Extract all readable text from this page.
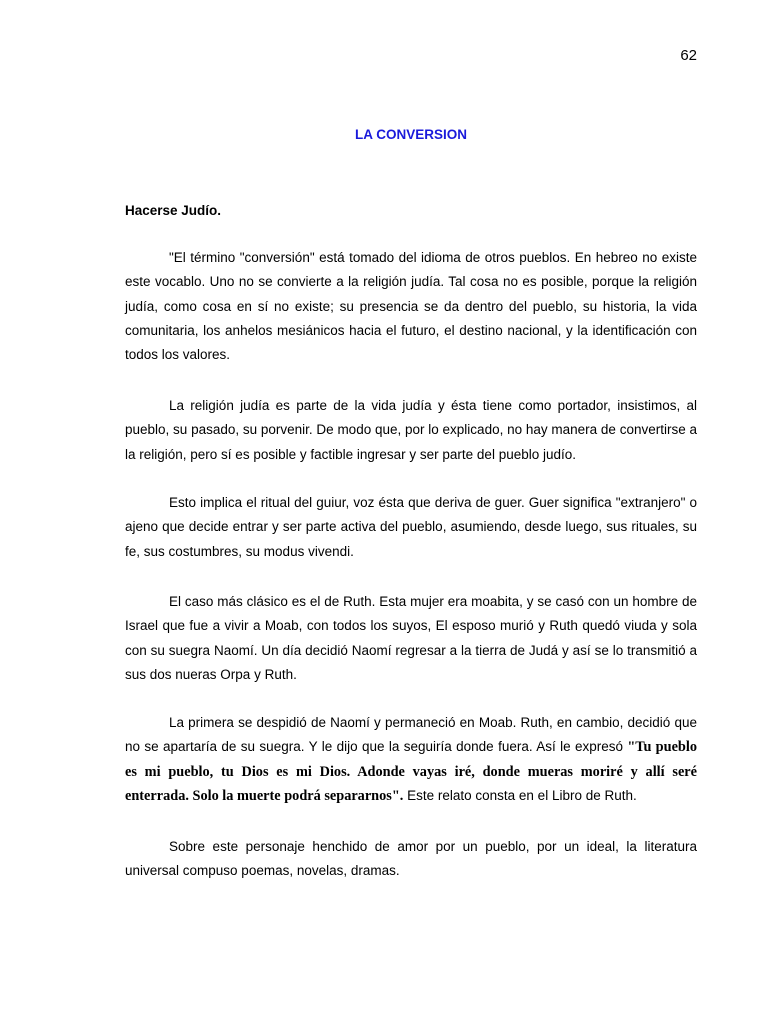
62
LA CONVERSION
Hacerse Judío.

"El término "conversión" está tomado del idioma de otros pueblos. En hebreo no existe este vocablo. Uno no se convierte a la religión judía. Tal cosa no es posible, porque la religión judía, como cosa en sí no existe; su presencia se da dentro del pueblo, su historia, la vida comunitaria, los anhelos mesiánicos hacia el futuro, el destino nacional, y la identificación con todos los valores.

La religión judía es parte de la vida judía y ésta tiene como portador, insistimos, al pueblo, su pasado, su porvenir. De modo que, por lo explicado, no hay manera de convertirse a la religión, pero sí es posible y factible ingresar y ser parte del pueblo judío.

Esto implica el ritual del guiur, voz ésta que deriva de guer. Guer significa "extranjero" o ajeno que decide entrar y ser parte activa del pueblo, asumiendo, desde luego, sus rituales, su fe, sus costumbres, su modus vivendi.

El caso más clásico es el de Ruth. Esta mujer era moabita, y se casó con un hombre de Israel que fue a vivir a Moab, con todos los suyos, El esposo murió y Ruth quedó viuda y sola con su suegra Naomí. Un día decidió Naomí regresar a la tierra de Judá y así se lo transmitió a sus dos nueras Orpa y Ruth.

La primera se despidió de Naomí y permaneció en Moab. Ruth, en cambio, decidió que no se apartaría de su suegra. Y le dijo que la seguiría donde fuera. Así le expresó "Tu pueblo es mi pueblo, tu Dios es mi Dios. Adonde vayas iré, donde mueras moriré y allí seré enterrada. Solo la muerte podrá separarnos". Este relato consta en el Libro de Ruth.

Sobre este personaje henchido de amor por un pueblo, por un ideal, la literatura universal compuso poemas, novelas, dramas.
